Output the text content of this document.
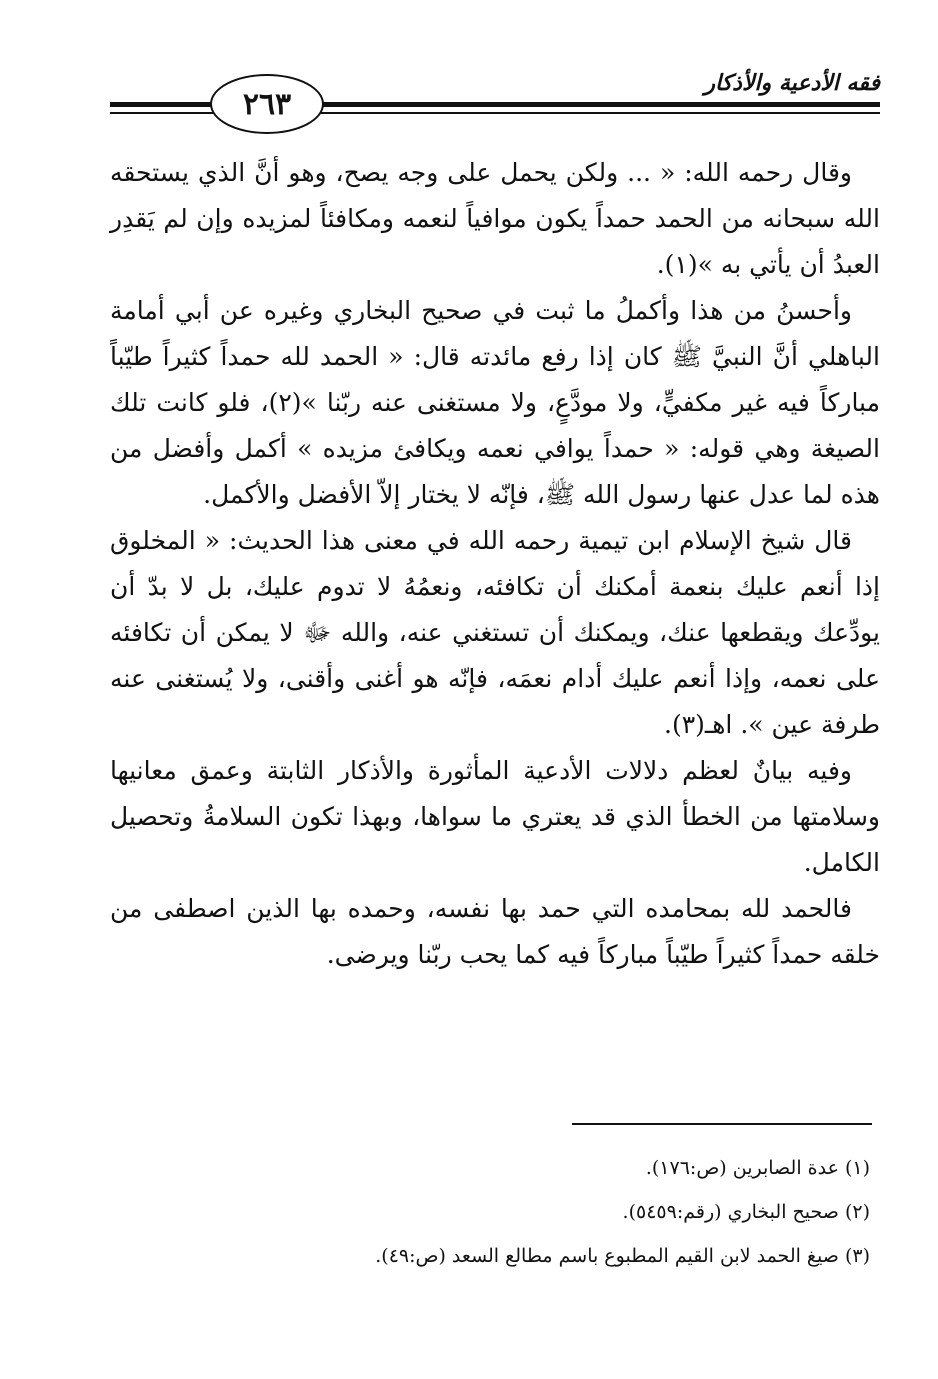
فقه الأدعية والأذكار
٢٦٣

وقال رحمه الله: « ... ولكن يحمل على وجه يصح، وهو أنَّ الذي يستحقه الله سبحانه من الحمد حمداً يكون موافياً لنعمه ومكافئاً لمزيده وإن لم يَقدِر العبدُ أن يأتي به »(١).

وأحسنُ من هذا وأكملُ ما ثبت في صحيح البخاري وغيره عن أبي أمامة الباهلي أنَّ النبيَّ ﷺ كان إذا رفع مائدته قال: « الحمد لله حمداً كثيراً طيّباً مباركاً فيه غير مكفيٍّ، ولا مودَّعٍ، ولا مستغنى عنه ربّنا »(٢)، فلو كانت تلك الصيغة وهي قوله: « حمداً يوافي نعمه ويكافئ مزيده » أكمل وأفضل من هذه لما عدل عنها رسول الله ﷺ، فإنّه لا يختار إلاّ الأفضل والأكمل.

قال شيخ الإسلام ابن تيمية رحمه الله في معنى هذا الحديث: « المخلوق إذا أنعم عليك بنعمة أمكنك أن تكافئه، ونعمُهُ لا تدوم عليك، بل لا بدّ أن يودِّعك ويقطعها عنك، ويمكنك أن تستغني عنه، والله ﷻ لا يمكن أن تكافئه على نعمه، وإذا أنعم عليك أدام نعمَه، فإنّه هو أغنى وأقنى، ولا يُستغنى عنه طرفة عين ». اهـ(٣).

وفيه بيانٌ لعظم دلالات الأدعية المأثورة والأذكار الثابتة وعمق معانيها وسلامتها من الخطأ الذي قد يعتري ما سواها، وبهذا تكون السلامةُ وتحصيل الكامل.

فالحمد لله بمحامده التي حمد بها نفسه، وحمده بها الذين اصطفى من خلقه حمداً كثيراً طيّباً مباركاً فيه كما يحب ربّنا ويرضى.

(١) عدة الصابرين (ص:١٧٦).
(٢) صحيح البخاري (رقم:٥٤٥٩).
(٣) صيغ الحمد لابن القيم المطبوع باسم مطالع السعد (ص:٤٩).
